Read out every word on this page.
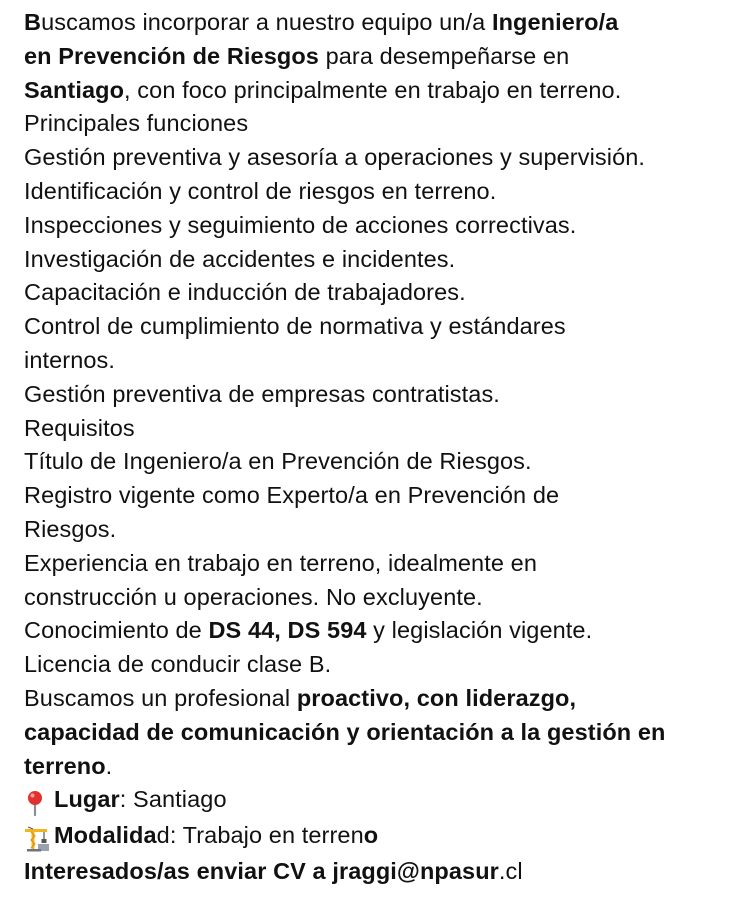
Buscamos incorporar a nuestro equipo un/a Ingeniero/a
en Prevención de Riesgos para desempeñarse en
Santiago, con foco principalmente en trabajo en terreno.
Principales funciones
Gestión preventiva y asesoría a operaciones y supervisión.
Identificación y control de riesgos en terreno.
Inspecciones y seguimiento de acciones correctivas.
Investigación de accidentes e incidentes.
Capacitación e inducción de trabajadores.
Control de cumplimiento de normativa y estándares
internos.
Gestión preventiva de empresas contratistas.
Requisitos
Título de Ingeniero/a en Prevención de Riesgos.
Registro vigente como Experto/a en Prevención de
Riesgos.
Experiencia en trabajo en terreno, idealmente en
construcción u operaciones. No excluyente.
Conocimiento de DS 44, DS 594 y legislación vigente.
Licencia de conducir clase B.
Buscamos un profesional proactivo, con liderazgo,
capacidad de comunicación y orientación a la gestión en
terreno.
Lugar: Santiago
Modalidad: Trabajo en terreno
Interesados/as enviar CV a jraggi@npasur.cl
